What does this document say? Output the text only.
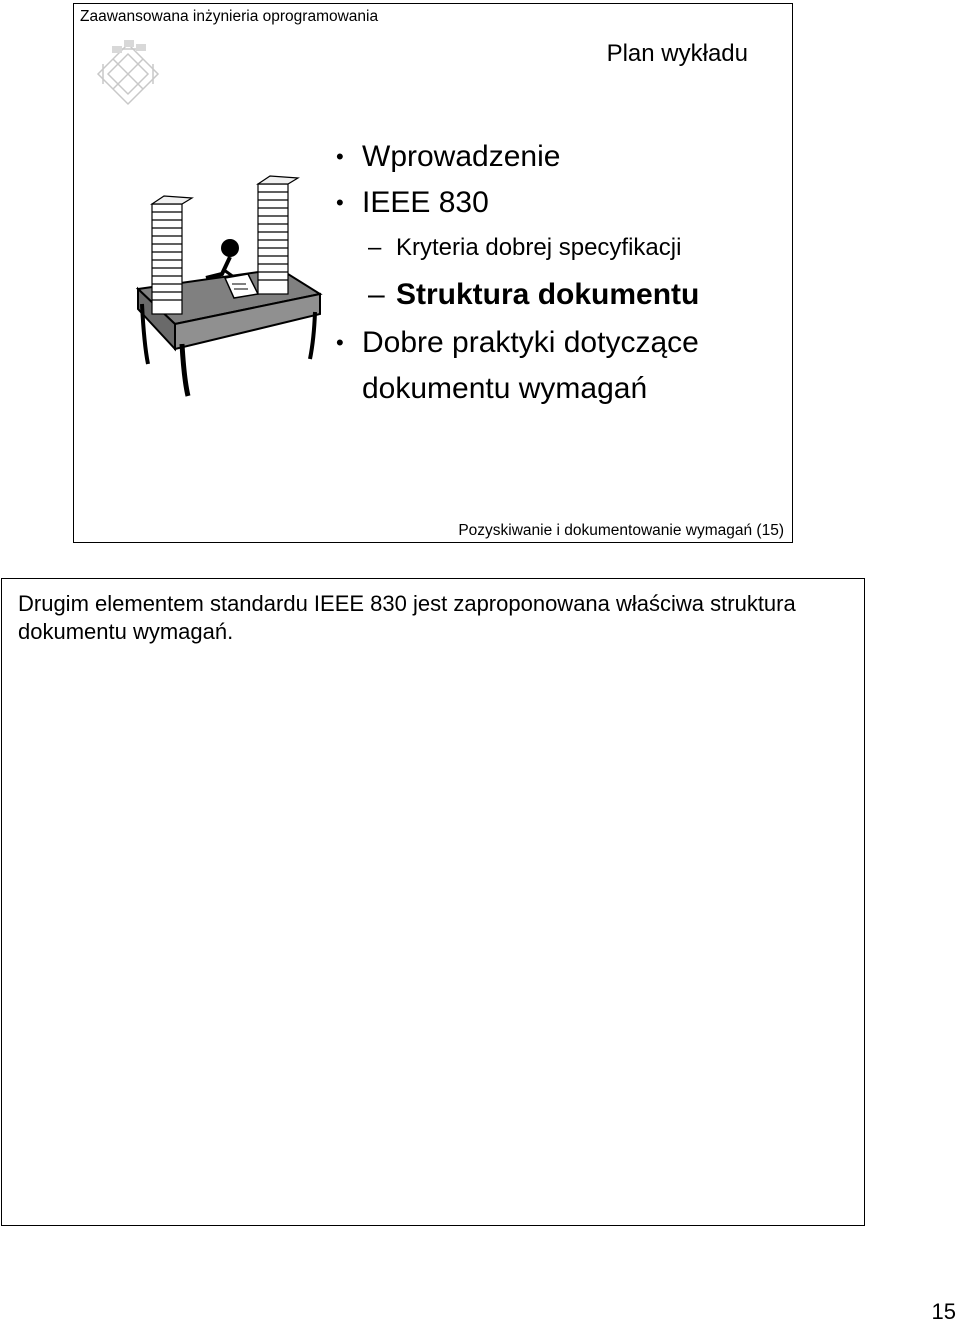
Zaawansowana inżynieria oprogramowania
Plan wykładu
• Wprowadzenie
• IEEE 830
– Kryteria dobrej specyfikacji
– Struktura dokumentu
• Dobre praktyki dotyczące
dokumentu wymagań
Pozyskiwanie i dokumentowanie wymagań (15)
Drugim elementem standardu IEEE 830 jest zaproponowana właściwa struktura dokumentu wymagań.
15
